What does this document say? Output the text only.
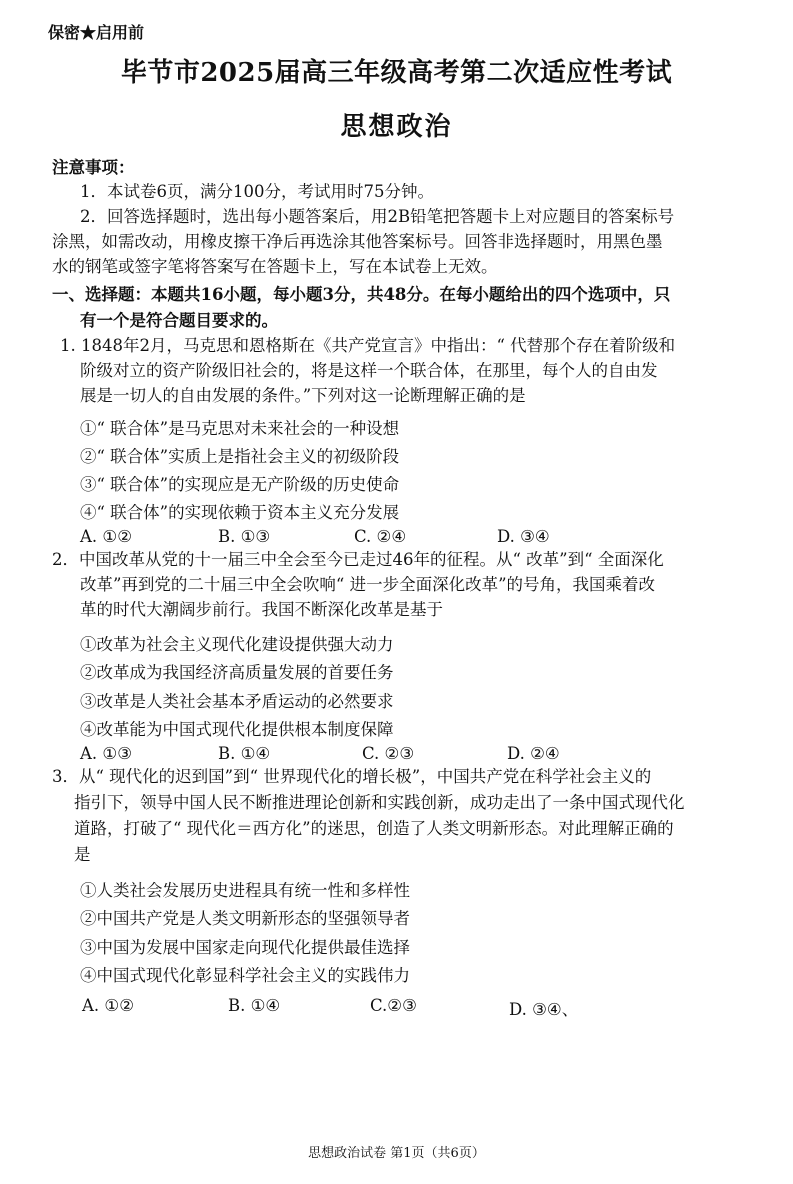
保密★启用前
毕节市2025届高三年级高考第二次适应性考试
思想政治
注意事项：
1．本试卷6页，满分100分，考试用时75分钟。
2．回答选择题时，选出每小题答案后，用2B铅笔把答题卡上对应题目的答案标号
涂黑，如需改动，用橡皮擦干净后再选涂其他答案标号。回答非选择题时，用黑色墨
水的钢笔或签字笔将答案写在答题卡上，写在本试卷上无效。
一、选择题：本题共16小题，每小题3分，共48分。在每小题给出的四个选项中，只
有一个是符合题目要求的。
1. 1848年2月，马克思和恩格斯在《共产党宣言》中指出：“ 代替那个存在着阶级和
阶级对立的资产阶级旧社会的，将是这样一个联合体，在那里，每个人的自由发
展是一切人的自由发展的条件。”下列对这一论断理解正确的是
①“ 联合体”是马克思对未来社会的一种设想
②“ 联合体”实质上是指社会主义的初级阶段
③“ 联合体”的实现应是无产阶级的历史使命
④“ 联合体”的实现依赖于资本主义充分发展
A. ①②	B. ①③	C. ②④	D. ③④
2．中国改革从党的十一届三中全会至今已走过46年的征程。从“ 改革”到“ 全面深化
改革”再到党的二十届三中全会吹响“ 进一步全面深化改革”的号角，我国乘着改
革的时代大潮阔步前行。我国不断深化改革是基于
①改革为社会主义现代化建设提供强大动力
②改革成为我国经济高质量发展的首要任务
③改革是人类社会基本矛盾运动的必然要求
④改革能为中国式现代化提供根本制度保障
A. ①③	B. ①④	C. ②③	D. ②④
3．从“ 现代化的迟到国”到“ 世界现代化的增长极”，中国共产党在科学社会主义的
指引下，领导中国人民不断推进理论创新和实践创新，成功走出了一条中国式现代化
道路，打破了“ 现代化＝西方化”的迷思，创造了人类文明新形态。对此理解正确的
是
①人类社会发展历史进程具有统一性和多样性
②中国共产党是人类文明新形态的坚强领导者
③中国为发展中国家走向现代化提供最佳选择
④中国式现代化彰显科学社会主义的实践伟力
A. ①②	B. ①④	C.②③	D. ③④、
思想政治试卷 第1页（共6页）
